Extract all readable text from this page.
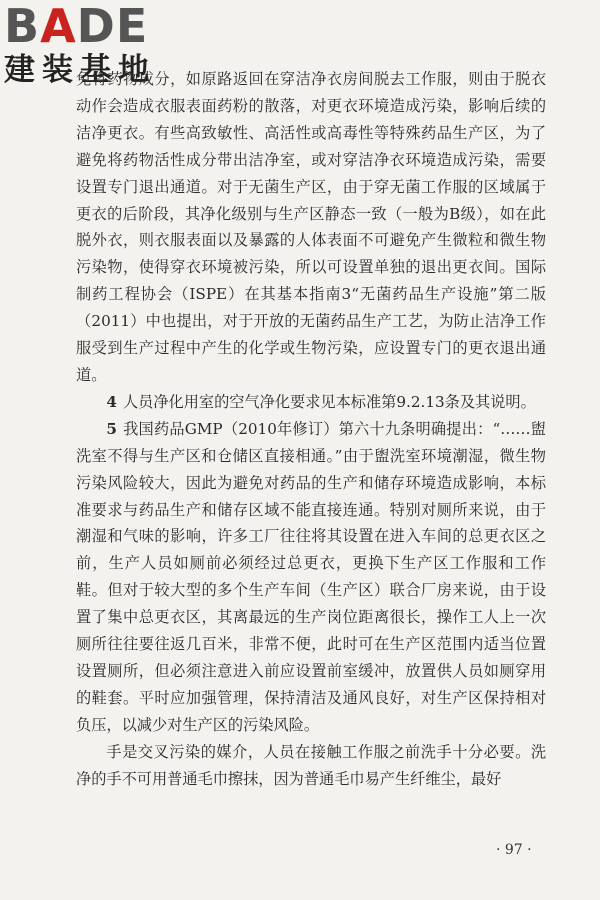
BADE
建装基地

免将药物成分，如原路返回在穿洁净衣房间脱去工作服，则由于脱衣动作会造成衣服表面药粉的散落，对更衣环境造成污染，影响后续的洁净更衣。有些高致敏性、高活性或高毒性等特殊药品生产区，为了避免将药物活性成分带出洁净室，或对穿洁净衣环境造成污染，需要设置专门退出通道。对于无菌生产区，由于穿无菌工作服的区域属于更衣的后阶段，其净化级别与生产区静态一致（一般为B级），如在此脱外衣，则衣服表面以及暴露的人体表面不可避免产生微粒和微生物污染物，使得穿衣环境被污染，所以可设置单独的退出更衣间。国际制药工程协会（ISPE）在其基本指南3“无菌药品生产设施”第二版（2011）中也提出，对于开放的无菌药品生产工艺，为防止洁净工作服受到生产过程中产生的化学或生物污染，应设置专门的更衣退出通道。

4 人员净化用室的空气净化要求见本标准第9.2.13条及其说明。

5 我国药品GMP（2010年修订）第六十九条明确提出：“……盥洗室不得与生产区和仓储区直接相通。”由于盥洗室环境潮湿，微生物污染风险较大，因此为避免对药品的生产和储存环境造成影响，本标准要求与药品生产和储存区域不能直接连通。特别对厕所来说，由于潮湿和气味的影响，许多工厂往往将其设置在进入车间的总更衣区之前，生产人员如厕前必须经过总更衣，更换下生产区工作服和工作鞋。但对于较大型的多个生产车间（生产区）联合厂房来说，由于设置了集中总更衣区，其离最远的生产岗位距离很长，操作工人上一次厕所往往要往返几百米，非常不便，此时可在生产区范围内适当位置设置厕所，但必须注意进入前应设置前室缓冲，放置供人员如厕穿用的鞋套。平时应加强管理，保持清洁及通风良好，对生产区保持相对负压，以减少对生产区的污染风险。

手是交叉污染的媒介，人员在接触工作服之前洗手十分必要。洗净的手不可用普通毛巾擦抹，因为普通毛巾易产生纤维尘，最好

· 97 ·
